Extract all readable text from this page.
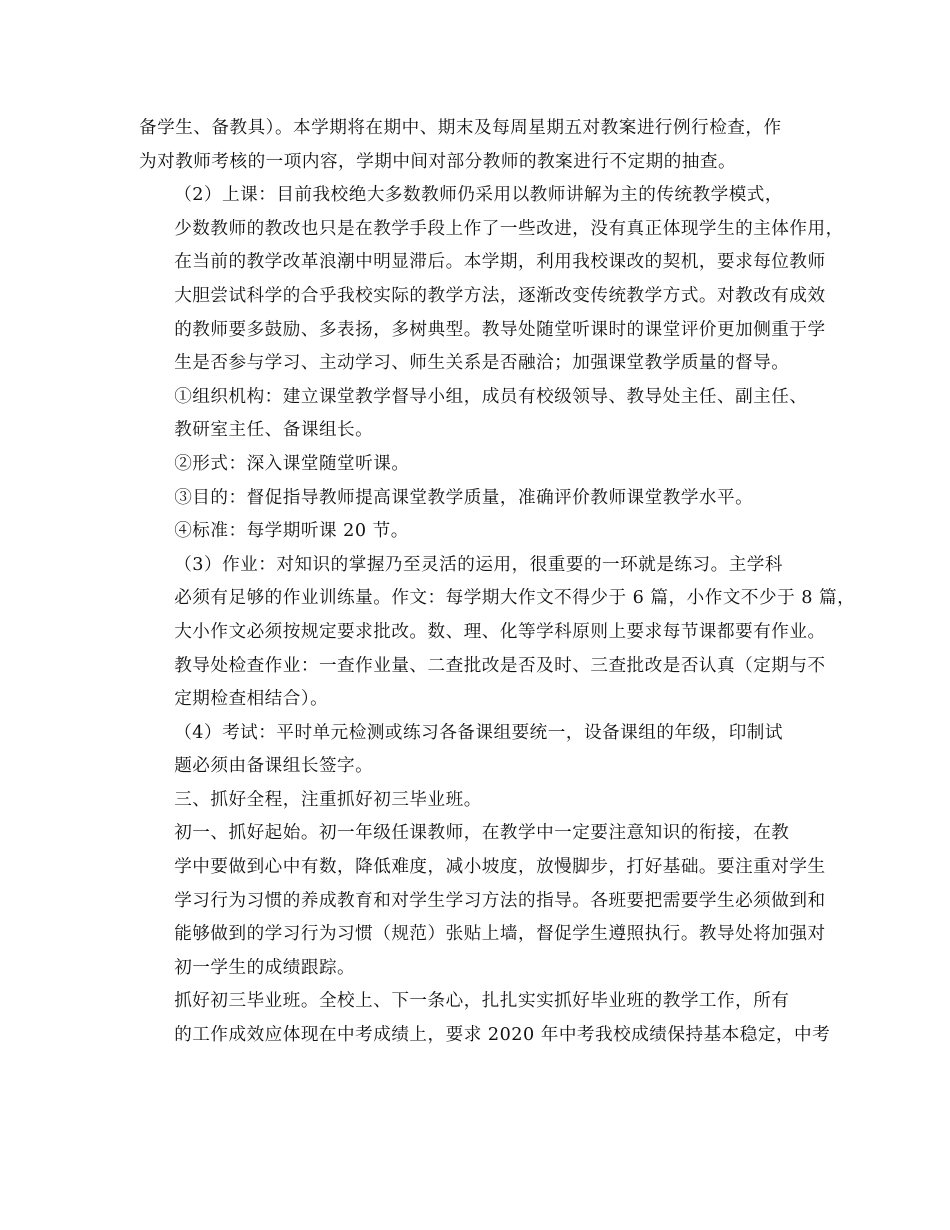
备学生、备教具）。本学期将在期中、期末及每周星期五对教案进行例行检查，作
为对教师考核的一项内容，学期中间对部分教师的教案进行不定期的抽查。
（2）上课：目前我校绝大多数教师仍采用以教师讲解为主的传统教学模式，
少数教师的教改也只是在教学手段上作了一些改进，没有真正体现学生的主体作用，
在当前的教学改革浪潮中明显滞后。本学期，利用我校课改的契机，要求每位教师
大胆尝试科学的合乎我校实际的教学方法，逐渐改变传统教学方式。对教改有成效
的教师要多鼓励、多表扬，多树典型。教导处随堂听课时的课堂评价更加侧重于学
生是否参与学习、主动学习、师生关系是否融洽；加强课堂教学质量的督导。
①组织机构：建立课堂教学督导小组，成员有校级领导、教导处主任、副主任、
教研室主任、备课组长。
②形式：深入课堂随堂听课。
③目的：督促指导教师提高课堂教学质量，准确评价教师课堂教学水平。
④标准：每学期听课 20 节。
（3）作业：对知识的掌握乃至灵活的运用，很重要的一环就是练习。主学科
必须有足够的作业训练量。作文：每学期大作文不得少于 6 篇，小作文不少于 8 篇，
大小作文必须按规定要求批改。数、理、化等学科原则上要求每节课都要有作业。
教导处检查作业：一查作业量、二查批改是否及时、三查批改是否认真（定期与不
定期检查相结合）。
（4）考试：平时单元检测或练习各备课组要统一，设备课组的年级，印制试
题必须由备课组长签字。
三、抓好全程，注重抓好初三毕业班。
初一、抓好起始。初一年级任课教师，在教学中一定要注意知识的衔接，在教
学中要做到心中有数，降低难度，减小坡度，放慢脚步，打好基础。要注重对学生
学习行为习惯的养成教育和对学生学习方法的指导。各班要把需要学生必须做到和
能够做到的学习行为习惯（规范）张贴上墙，督促学生遵照执行。教导处将加强对
初一学生的成绩跟踪。
抓好初三毕业班。全校上、下一条心，扎扎实实抓好毕业班的教学工作，所有
的工作成效应体现在中考成绩上，要求 2020 年中考我校成绩保持基本稳定，中考
